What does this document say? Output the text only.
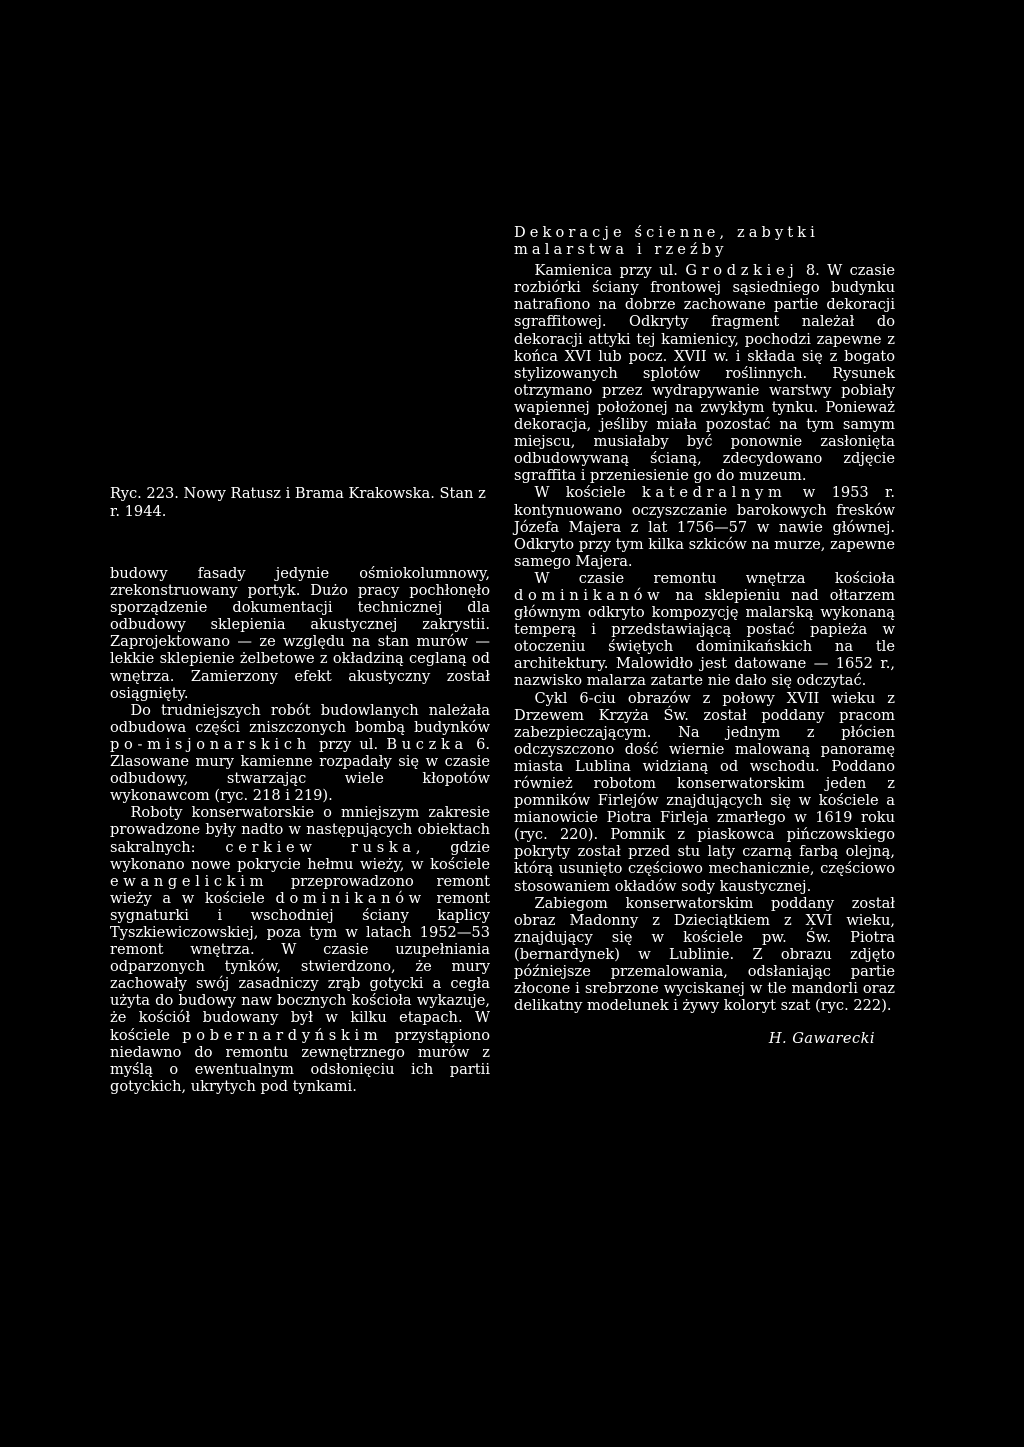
Ryc. 223. Nowy Ratusz i Brama Krakowska. Stan z r. 1944.

budowy fasady jedynie ośmiokolumnowy, zrekonstruowany portyk. Dużo pracy pochłonęło sporządzenie dokumentacji technicznej dla odbudowy sklepienia akustycznej zakrystii. Zaprojektowano — ze względu na stan murów — lekkie sklepienie żelbetowe z okładziną ceglaną od wnętrza. Zamierzony efekt akustyczny został osiągnięty.

Do trudniejszych robót budowlanych należała odbudowa części zniszczonych bombą budynków po-misjonarskich przy ul. Buczka 6. Zlasowane mury kamienne rozpadały się w czasie odbudowy, stwarzając wiele kłopotów wykonawcom (ryc. 218 i 219).

Roboty konserwatorskie o mniejszym zakresie prowadzone były nadto w następujących obiektach sakralnych: cerkiew ruska, gdzie wykonano nowe pokrycie hełmu wieży, w kościele ewangelickim przeprowadzono remont wieży a w kościele dominikanów remont sygnaturki i wschodniej ściany kaplicy Tyszkiewiczowskiej, poza tym w latach 1952—53 remont wnętrza. W czasie uzupełniania odparzonych tynków, stwierdzono, że mury zachowały swój zasadniczy zrąb gotycki a cegła użyta do budowy naw bocznych kościoła wykazuje, że kościół budowany był w kilku etapach. W kościele pobernardyńskim przystąpiono niedawno do remontu zewnętrznego murów z myślą o ewentualnym odsłonięciu ich partii gotyckich, ukrytych pod tynkami.

Dekoracje ścienne, zabytki malarstwa i rzeźby

Kamienica przy ul. Grodzkiej 8. W czasie rozbiórki ściany frontowej sąsiedniego budynku natrafiono na dobrze zachowane partie dekoracji sgraffitowej. Odkryty fragment należał do dekoracji attyki tej kamienicy, pochodzi zapewne z końca XVI lub pocz. XVII w. i składa się z bogato stylizowanych splotów roślinnych. Rysunek otrzymano przez wydrapywanie warstwy pobiały wapiennej położonej na zwykłym tynku. Ponieważ dekoracja, jeśliby miała pozostać na tym samym miejscu, musiałaby być ponownie zasłonięta odbudowywaną ścianą, zdecydowano zdjęcie sgraffita i przeniesienie go do muzeum.

W kościele katedralnym w 1953 r. kontynuowano oczyszczanie barokowych fresków Józefa Majera z lat 1756—57 w nawie głównej. Odkryto przy tym kilka szkiców na murze, zapewne samego Majera.

W czasie remontu wnętrza kościoła dominikanów na sklepieniu nad ołtarzem głównym odkryto kompozycję malarską wykonaną temperą i przedstawiającą postać papieża w otoczeniu świętych dominikańskich na tle architektury. Malowidło jest datowane — 1652 r., nazwisko malarza zatarte nie dało się odczytać.

Cykl 6-ciu obrazów z połowy XVII wieku z Drzewem Krzyża Św. został poddany pracom zabezpieczającym. Na jednym z płócien odczyszczono dość wiernie malowaną panoramę miasta Lublina widzianą od wschodu. Poddano również robotom konserwatorskim jeden z pomników Firlejów znajdujących się w kościele a mianowicie Piotra Firleja zmarłego w 1619 roku (ryc. 220). Pomnik z piaskowca pińczowskiego pokryty został przed stu laty czarną farbą olejną, którą usunięto częściowo mechanicznie, częściowo stosowaniem okładów sody kaustycznej.

Zabiegom konserwatorskim poddany został obraz Madonny z Dzieciątkiem z XVI wieku, znajdujący się w kościele pw. Św. Piotra (bernardynek) w Lublinie. Z obrazu zdjęto późniejsze przemalowania, odsłaniając partie złocone i srebrzone wyciskanej w tle mandorli oraz delikatny modelunek i żywy koloryt szat (ryc. 222).

H. Gawarecki
